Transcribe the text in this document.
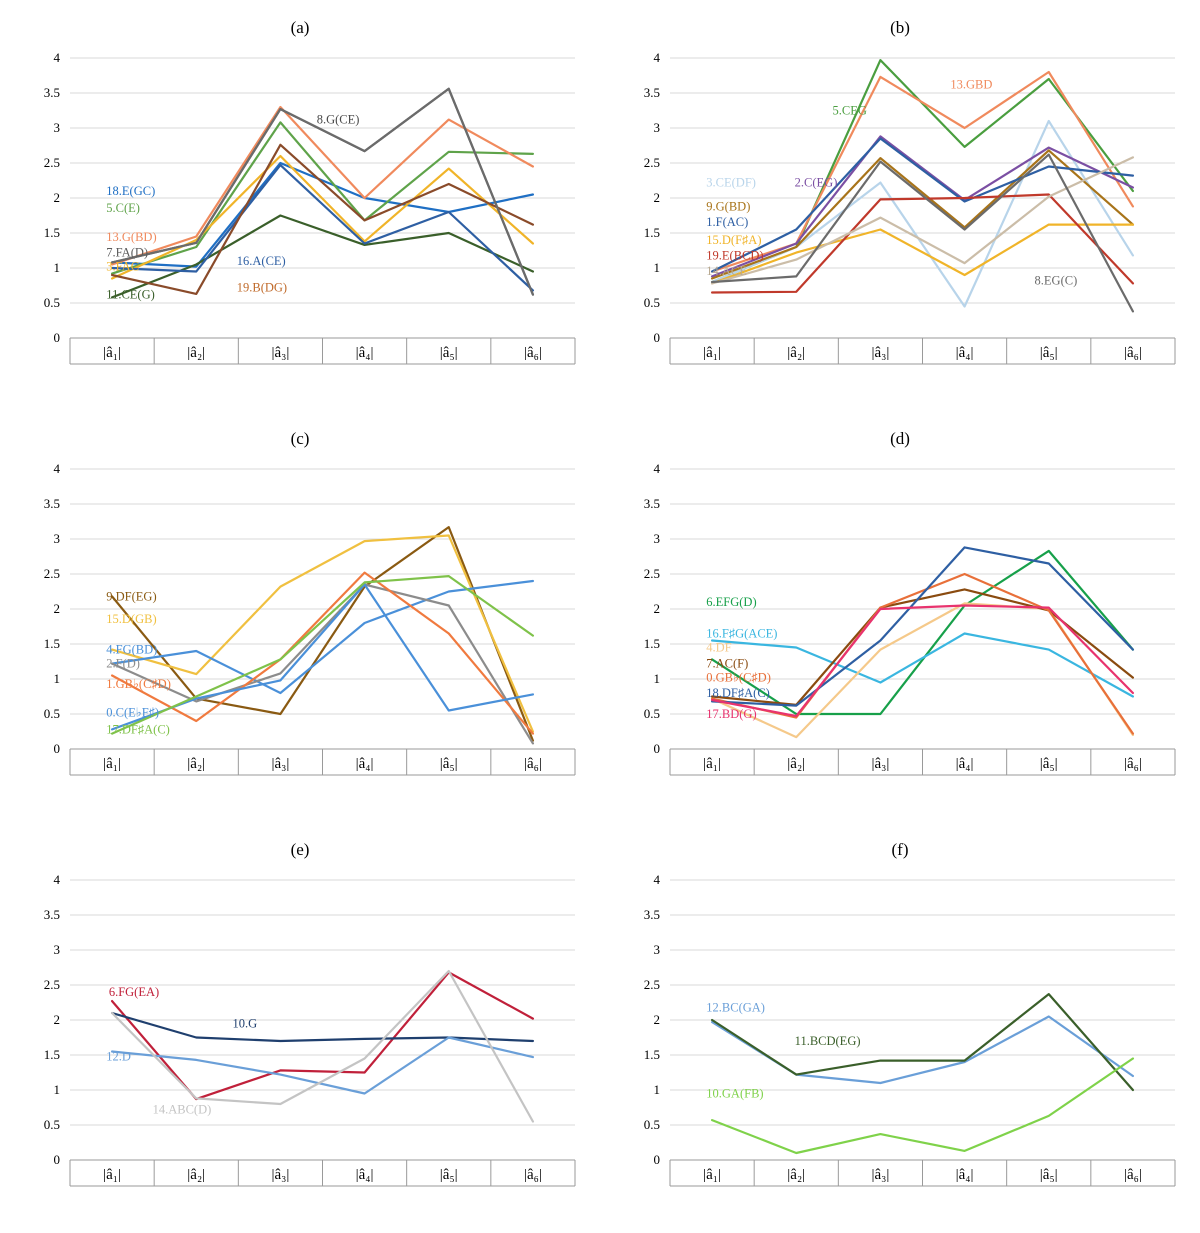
(a)
0
0.5
1
1.5
2
2.5
3
3.5
4
|â₁|	|â₂|	|â₃|	|â₄|	|â₅|	|â₆|
8.G(CE)
18.E(GC)
5.C(E)
13.G(BD)
7.FA(D)
3.FAC
11.CE(G)
16.A(CE)
19.B(DG)
(b)
0
0.5
1
1.5
2
2.5
3
3.5
4
|â₁|	|â₂|	|â₃|	|â₄|	|â₅|	|â₆|
5.CEG
13.GBD
3.CE(DF)	2.C(EG)
9.G(BD)
1.F(AC)
15.D(F♯A)
19.E(BCD)
14.ACE
8.EG(C)
(c)
0
0.5
1
1.5
2
2.5
3
3.5
4
|â₁|	|â₂|	|â₃|	|â₄|	|â₅|	|â₆|
9.DF(EG)
15.D(GB)
4.FG(BD)
2.F(D)
1.GB♭(C♯D)
0.C(E♭F♯)
17.DF♯A(C)
(d)
0
0.5
1
1.5
2
2.5
3
3.5
4
|â₁|	|â₂|	|â₃|	|â₄|	|â₅|	|â₆|
6.EFG(D)
16.F♯G(ACE)
4.DF
7.AC(F)
0.GB♭(C♯D)
18.DF♯A(C)
17.BD(G)
(e)
0
0.5
1
1.5
2
2.5
3
3.5
4
|â₁|	|â₂|	|â₃|	|â₄|	|â₅|	|â₆|
6.FG(EA)
10.G
12.D
14.ABC(D)
(f)
0
0.5
1
1.5
2
2.5
3
3.5
4
|â₁|	|â₂|	|â₃|	|â₄|	|â₅|	|â₆|
12.BC(GA)
11.BCD(EG)
10.GA(FB)
